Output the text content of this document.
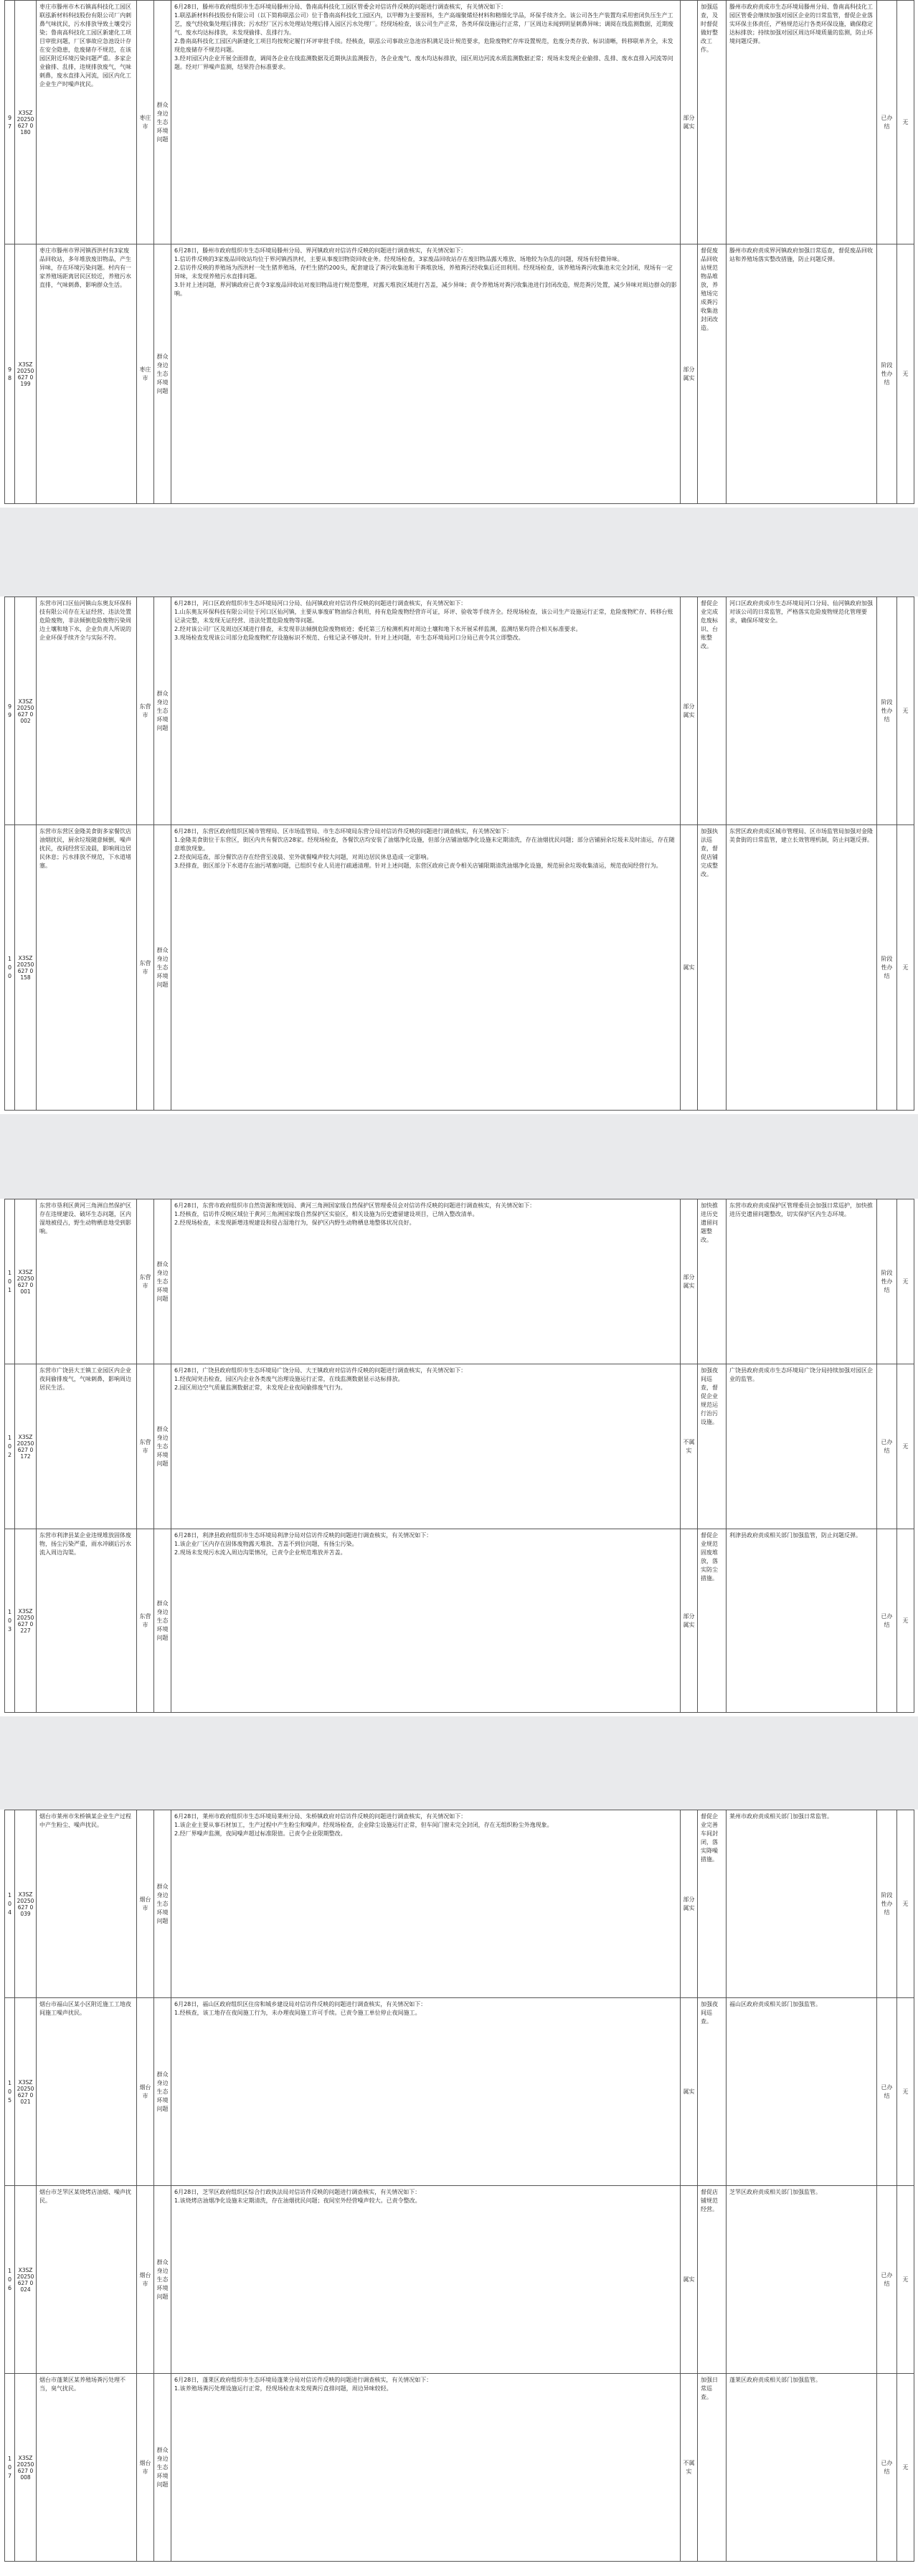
97	X3SZ 20250627 0180	枣庄市滕州市木石镇高科技化工园区联泓新材料科技股份有限公司厂内刺鼻气味扰民，污水排放导致土壤受污染；鲁南高科技化工园区新建化工项目审批问题，厂区事故应急池设计存在安全隐患，危废储存不规范，在该园区附近环境污染问题严重。多家企业偷排、乱排，违规排放废气，气味刺鼻，废水直排入河流，园区内化工企业生产时噪声扰民。	枣庄市	群众身边生态环境问题	6月28日，滕州市政府组织市生态环境局滕州分局、鲁南高科技化工园区管委会对信访件反映的问题进行调查核实，有关情况如下：
1.联泓新材料科技股份有限公司（以下简称联泓公司）位于鲁南高科技化工园区内，以甲醇为主要原料，生产高端聚烯烃材料和精细化学品，环保手续齐全。该公司各生产装置均采用密闭负压生产工艺，废气经收集处理后排放；污水经厂区污水处理站处理后排入园区污水处理厂。经现场检查，该公司生产正常，各类环保设施运行正常，厂区周边未闻到明显刺鼻异味；调阅在线监测数据，近期废气、废水均达标排放，未发现偷排、乱排行为。
2.鲁南高科技化工园区内新建化工项目均按规定履行环评审批手续。经核查，联泓公司事故应急池容积满足设计规范要求，危险废物贮存库设置规范，危废分类存放、标识清晰，转移联单齐全，未发现危废储存不规范问题。
3.经对园区内企业开展全面排查，调阅各企业在线监测数据及近期执法监测报告，各企业废气、废水均达标排放，园区周边河流水质监测数据正常；现场未发现企业偷排、乱排、废水直排入河流等问题。经对厂界噪声监测，结果符合标准要求。	部分属实	加强巡查，及时督促做好整改工作。	滕州市政府责成市生态环境局滕州分局、鲁南高科技化工园区管委会继续加强对园区企业的日常监管，督促企业落实环保主体责任，严格规范运行各类环保设施，确保稳定达标排放；持续加强对园区周边环境质量的监测，防止环境问题反弹。	已办结	无
98	X3SZ 20250627 0199	枣庄市滕州市界河镇西洪村有3家废品回收站，多年堆放废旧物品，产生异味，存在环境污染问题。村内有一家养殖场距离居民区较近，养殖污水直排，气味刺鼻，影响群众生活。	枣庄市	群众身边生态环境问题	6月28日，滕州市政府组织市生态环境局滕州分局、界河镇政府对信访件反映的问题进行调查核实，有关情况如下：
1.信访件反映的3家废品回收站均位于界河镇西洪村，主要从事废旧物资回收业务。经现场检查，3家废品回收站存在废旧物品露天堆放、场地较为杂乱的问题，现场有轻微异味。
2.信访件反映的养殖场为西洪村一处生猪养殖场，存栏生猪约200头，配套建设了粪污收集池和干粪堆放场，养殖粪污经收集后还田利用。经现场检查，该养殖场粪污收集池未完全封闭，现场有一定异味，未发现养殖污水直排问题。
3.针对上述问题，界河镇政府已责令3家废品回收站对废旧物品进行规范整理，对露天堆放区域进行苫盖，减少异味；责令养殖场对粪污收集池进行封闭改造，规范粪污处置，减少异味对周边群众的影响。	部分属实	督促废品回收站规范物品堆放，养殖场完成粪污收集池封闭改造。	滕州市政府责成界河镇政府加强日常巡查，督促废品回收站和养殖场落实整改措施，防止问题反弹。	阶段性办结	无
99	X3SZ 20250627 0002	东营市河口区仙河镇山东奥友环保科技有限公司存在无证经营、违法处置危险废物，非法倾倒危险废物污染周边土壤和地下水，企业负责人所说的企业环保手续齐全与实际不符。	东营市	群众身边生态环境问题	6月28日，河口区政府组织市生态环境局河口分局、仙河镇政府对信访件反映的问题进行调查核实，有关情况如下：
1.山东奥友环保科技有限公司位于河口区仙河镇，主要从事废矿物油综合利用，持有危险废物经营许可证，环评、验收等手续齐全。经现场检查，该公司生产设施运行正常，危险废物贮存、转移台账记录完整，未发现无证经营、违法处置危险废物等问题。
2.经对该公司厂区及周边区域进行排查，未发现非法倾倒危险废物痕迹；委托第三方检测机构对周边土壤和地下水开展采样监测，监测结果均符合相关标准要求。
3.现场检查发现该公司部分危险废物贮存设施标识不规范、台账记录不够及时。针对上述问题，市生态环境局河口分局已责令其立即整改。	部分属实	督促企业完成危废标识、台账整改。	河口区政府责成市生态环境局河口分局、仙河镇政府加强对该公司的日常监管，严格落实危险废物规范化管理要求，确保环境安全。	阶段性办结	无
100	X3SZ 20250627 0158	东营市东营区金隆美食街多家餐饮店油烟扰民，厨余垃圾随意倾倒，噪声扰民，夜间经营至凌晨，影响周边居民休息；污水排放不规范，下水道堵塞。	东营市	群众身边生态环境问题	6月28日，东营区政府组织区城市管理局、区市场监管局、市生态环境局东营分局对信访件反映的问题进行调查核实，有关情况如下：
1.金隆美食街位于东营区，街区内共有餐饮店28家。经现场检查，各餐饮店均安装了油烟净化设施，但部分店铺油烟净化设施未定期清洗，存在油烟扰民问题；部分店铺厨余垃圾未及时清运，存在随意堆放现象。
2.经夜间巡查，部分餐饮店存在经营至凌晨、室外就餐噪声较大问题，对周边居民休息造成一定影响。
3.经排查，街区部分下水道存在油污堵塞问题，已组织专业人员进行疏通清理。针对上述问题，东营区政府已责令相关店铺限期清洗油烟净化设施，规范厨余垃圾收集清运，规范夜间经营行为。	属实	加强执法巡查，督促店铺完成整改。	东营区政府责成区城市管理局、区市场监管局加强对金隆美食街的日常监管，建立长效管理机制，防止问题反弹。	阶段性办结	无
101	X3SZ 20250627 0001	东营市垦利区黄河三角洲自然保护区存在违规建设、破坏生态问题，区内湿地被侵占，野生动物栖息地受到影响。	东营市	群众身边生态环境问题	6月28日，东营市政府组织市自然资源和规划局、黄河三角洲国家级自然保护区管理委员会对信访件反映的问题进行调查核实，有关情况如下：
1.经核查，信访件反映区域位于黄河三角洲国家级自然保护区实验区，相关设施为历史遗留建设项目，已纳入整改清单。
2.经现场检查，未发现新增违规建设和侵占湿地行为，保护区内野生动物栖息地整体状况良好。	部分属实	加快推进历史遗留问题整改。	东营市政府责成保护区管理委员会加强日常巡护，加快推进历史遗留问题整改，切实保护区内生态环境。	阶段性办结	无
102	X3SZ 20250627 0172	东营市广饶县大王镇工业园区内企业夜间偷排废气，气味刺鼻，影响周边居民生活。	东营市	群众身边生态环境问题	6月28日，广饶县政府组织市生态环境局广饶分局、大王镇政府对信访件反映的问题进行调查核实，有关情况如下：
1.经夜间突击检查，园区内企业各类废气治理设施运行正常，在线监测数据显示达标排放。
2.园区周边空气质量监测数据正常，未发现企业夜间偷排废气行为。	不属实	加强夜间巡查，督促企业规范运行治污设施。	广饶县政府责成市生态环境局广饶分局持续加强对园区企业的监管。	已办结	无
103	X3SZ 20250627 0227	东营市利津县某企业违规堆放固体废物，扬尘污染严重，雨水冲刷后污水流入周边沟渠。	东营市	群众身边生态环境问题	6月28日，利津县政府组织市生态环境局利津分局对信访件反映的问题进行调查核实，有关情况如下：
1.该企业厂区内存在固体废物露天堆放、苫盖不到位问题，有扬尘污染。
2.现场未发现污水流入周边沟渠情况，已责令企业规范堆放并苫盖。	部分属实	督促企业规范固废堆放，落实防尘措施。	利津县政府责成相关部门加强监管，防止问题反弹。	已办结	无
104	X3SZ 20250627 0039	烟台市莱州市朱桥镇某企业生产过程中产生粉尘、噪声扰民。	烟台市	群众身边生态环境问题	6月28日，莱州市政府组织市生态环境局莱州分局、朱桥镇政府对信访件反映的问题进行调查核实，有关情况如下：
1.该企业主要从事石材加工，生产过程中产生粉尘和噪声。经现场检查，企业除尘设施运行正常，但车间门窗未完全封闭，存在无组织粉尘外逸现象。
2.经厂界噪声监测，夜间噪声超过标准限值。已责令企业限期整改。	部分属实	督促企业完善车间封闭，落实降噪措施。	莱州市政府责成相关部门加强日常监管。	阶段性办结	无
105	X3SZ 20250627 0021	烟台市福山区某小区附近施工工地夜间施工噪声扰民。	烟台市	群众身边生态环境问题	6月28日，福山区政府组织区住房和城乡建设局对信访件反映的问题进行调查核实，有关情况如下：
1.经核查，该工地存在夜间施工行为，未办理夜间施工许可手续。已责令施工单位停止夜间施工。	属实	加强夜间巡查。	福山区政府责成相关部门加强监管。	已办结	无
106	X3SZ 20250627 0024	烟台市芝罘区某烧烤店油烟、噪声扰民。	烟台市	群众身边生态环境问题	6月28日，芝罘区政府组织区综合行政执法局对信访件反映的问题进行调查核实，有关情况如下：
1.该烧烤店油烟净化设施未定期清洗，存在油烟扰民问题；夜间室外经营噪声较大。已责令整改。	属实	督促店铺规范经营。	芝罘区政府责成相关部门加强监管。	已办结	无
107	X3SZ 20250627 0008	烟台市蓬莱区某养殖场粪污处理不当，臭气扰民。	烟台市	群众身边生态环境问题	6月28日，蓬莱区政府组织市生态环境局蓬莱分局对信访件反映的问题进行调查核实，有关情况如下：
1.该养殖场粪污处理设施运行正常，经现场检查未发现粪污直排问题，周边异味较轻。	不属实	加强日常巡查。	蓬莱区政府责成相关部门加强监管。	已办结	无
